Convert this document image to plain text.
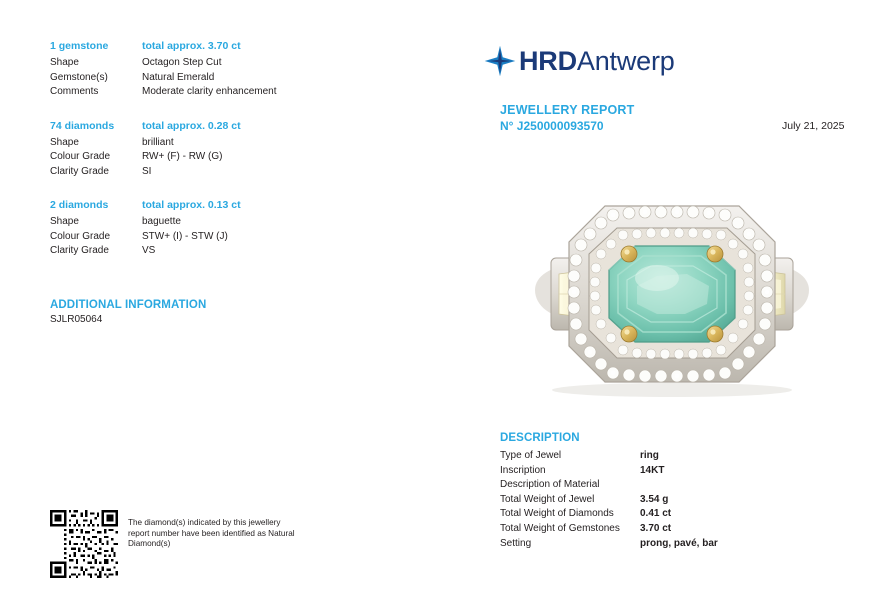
1 gemstone	total approx. 3.70 ct
Shape	Octagon Step Cut
Gemstone(s)	Natural Emerald
Comments	Moderate clarity enhancement
74 diamonds	total approx. 0.28 ct
Shape	brilliant
Colour Grade	RW+ (F) - RW (G)
Clarity Grade	SI
2 diamonds	total approx. 0.13 ct
Shape	baguette
Colour Grade	STW+ (I) - STW (J)
Clarity Grade	VS
ADDITIONAL INFORMATION
SJLR05064
The diamond(s) indicated by this jewellery report number have been identified as Natural Diamond(s)
HRDAntwerp
JEWELLERY REPORT
N° J250000093570	July 21, 2025
DESCRIPTION
Type of Jewel	ring
Inscription	14KT
Description of Material
Total Weight of Jewel	3.54 g
Total Weight of Diamonds	0.41 ct
Total Weight of Gemstones	3.70 ct
Setting	prong, pavé, bar
